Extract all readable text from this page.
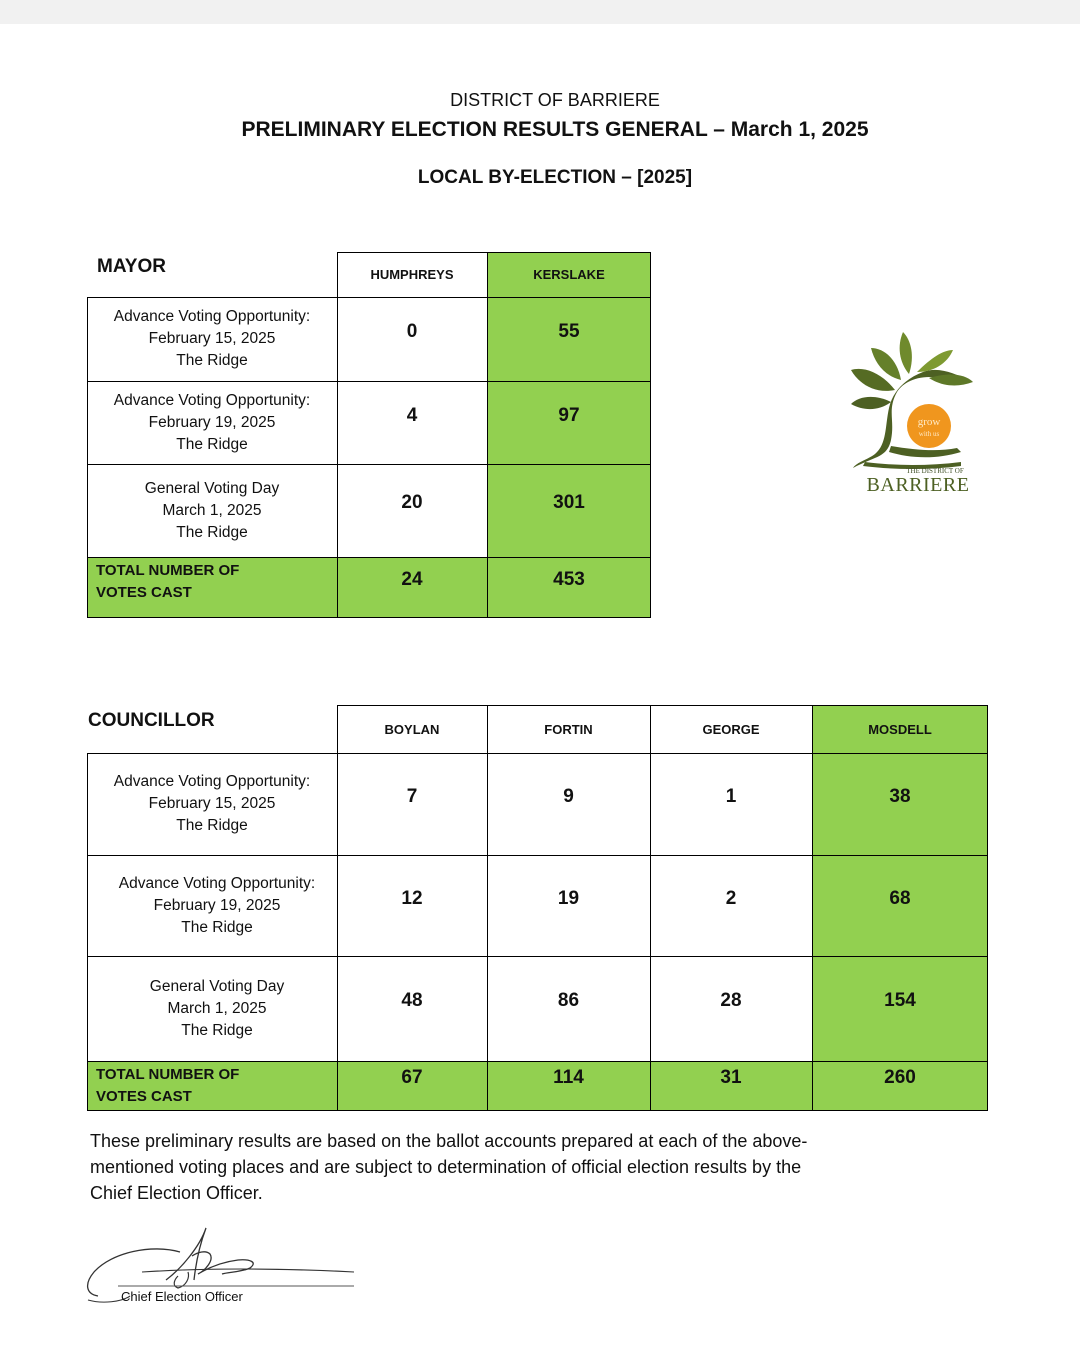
DISTRICT OF BARRIERE
PRELIMINARY ELECTION RESULTS GENERAL – March 1, 2025
LOCAL BY-ELECTION – [2025]
MAYOR	HUMPHREYS	KERSLAKE
Advance Voting Opportunity:
February 15, 2025
The Ridge
0	55
Advance Voting Opportunity:
February 19, 2025
The Ridge
4	97
General Voting Day
March 1, 2025
The Ridge
20	301
TOTAL NUMBER OF
VOTES CAST
24	453
grow
with us
THE DISTRICT OF
BARRIERE
COUNCILLOR	BOYLAN	FORTIN	GEORGE	MOSDELL
Advance Voting Opportunity:
February 15, 2025
The Ridge
7	9	1	38
Advance Voting Opportunity:
February 19, 2025
The Ridge
12	19	2	68
General Voting Day
March 1, 2025
The Ridge
48	86	28	154
TOTAL NUMBER OF
VOTES CAST
67	114	31	260
These preliminary results are based on the ballot accounts prepared at each of the above-mentioned voting places and are subject to determination of official election results by the Chief Election Officer.
Chief Election Officer
